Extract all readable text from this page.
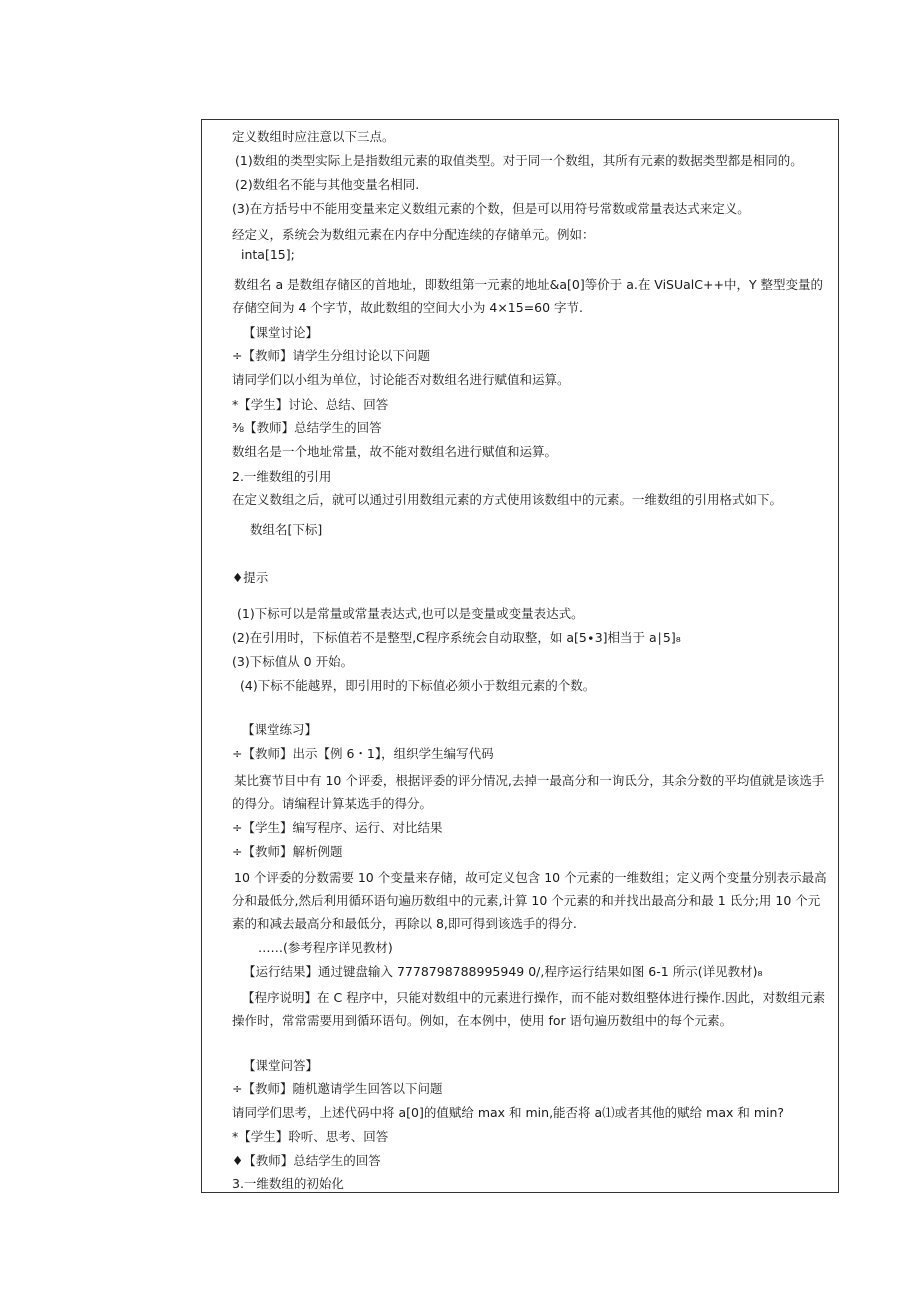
定义数组时应注意以下三点。
(1)数组的类型实际上是指数组元素的取值类型。对于同一个数组，其所有元素的数据类型都是相同的。
(2)数组名不能与其他变量名相同.
(3)在方括号中不能用变量来定义数组元素的个数，但是可以用符号常数或常量表达式来定义。
经定义，系统会为数组元素在内存中分配连续的存储单元。例如：
inta[15];
数组名 a 是数组存储区的首地址，即数组第一元素的地址&a[0]等价于 a.在 ViSUalC++中，Y 整型变量的存储空间为 4 个字节，故此数组的空间大小为 4×15=60 字节.
【课堂讨论】
÷【教师】请学生分组讨论以下问题
请同学们以小组为单位，讨论能否对数组名进行赋值和运算。
*【学生】讨论、总结、回答
⅜【教师】总结学生的回答
数组名是一个地址常量，故不能对数组名进行赋值和运算。
2.一维数组的引用
在定义数组之后，就可以通过引用数组元素的方式使用该数组中的元素。一维数组的引用格式如下。
数组名[下标]
♦提示
(1)下标可以是常量或常量表达式,也可以是变量或变量表达式。
(2)在引用时，下标值若不是整型,C程序系统会自动取整，如 a[5∙3]相当于 a∣5]₈
(3)下标值从 0 开始。
(4)下标不能越界，即引用时的下标值必须小于数组元素的个数。
【课堂练习】
÷【教师】出示【例 6・1】，组织学生编写代码
某比赛节目中有 10 个评委，根据评委的评分情况,去掉一最高分和一询氐分，其余分数的平均值就是该选手的得分。请编程计算某选手的得分。
÷【学生】编写程序、运行、对比结果
÷【教师】解析例题
10 个评委的分数需要 10 个变量来存储，故可定义包含 10 个元素的一维数组；定义两个变量分别表示最高分和最低分,然后利用循环语句遍历数组中的元素,计算 10 个元素的和并找出最高分和最 1 氐分;用 10 个元素的和减去最高分和最低分，再除以 8,即可得到该选手的得分.
……(参考程序详见教材)
【运行结果】通过键盘输入 7778798788995949 0/,程序运行结果如图 6-1 所示(详见教材)₈
【程序说明】在 C 程序中，只能对数组中的元素进行操作，而不能对数组整体进行操作.因此，对数组元素操作时，常常需要用到循环语句。例如，在本例中，使用 for 语句遍历数组中的每个元素。
【课堂问答】
÷【教师】随机邀请学生回答以下问题
请同学们思考，上述代码中将 a[0]的值赋给 max 和 min,能否将 a⑴或者其他的赋给 max 和 min?
*【学生】聆听、思考、回答
♦【教师】总结学生的回答
3.一维数组的初始化
